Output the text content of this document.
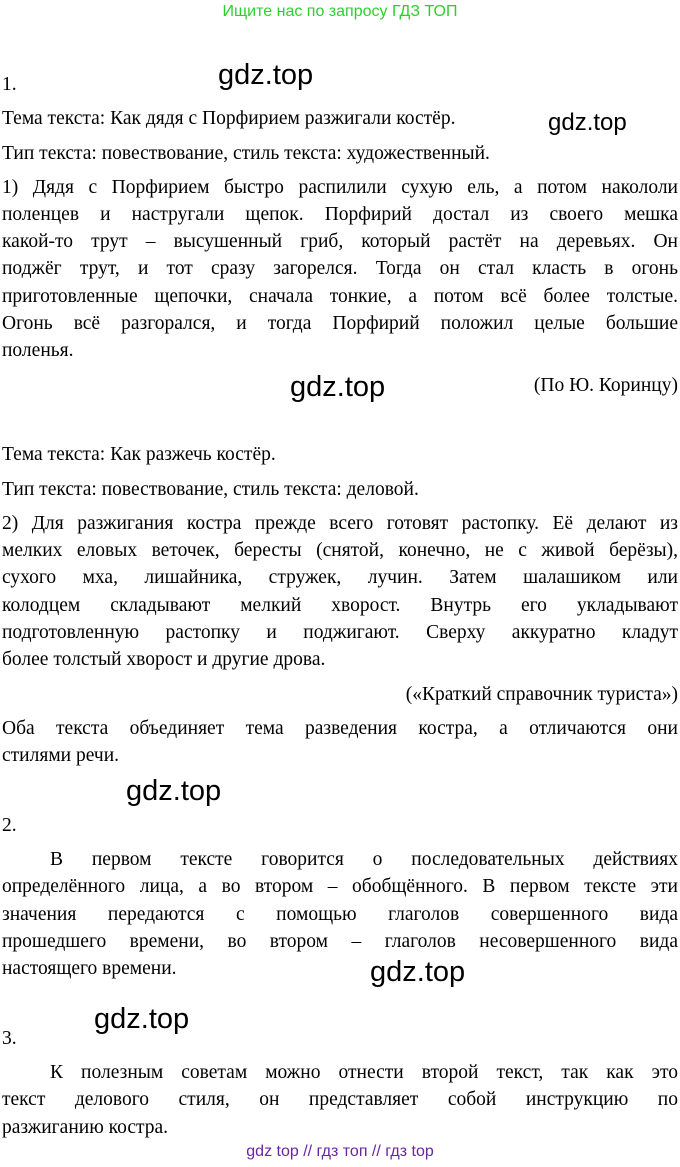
Ищите нас по запросу ГДЗ ТОП
gdz.top
gdz.top
gdz.top
gdz.top
gdz.top
gdz.top
1.
Тема текста: Как дядя с Порфирием разжигали костёр.
Тип текста: повествование, стиль текста: художественный.
1) Дядя с Порфирием быстро распилили сухую ель, а потом накололи
поленцев и настругали щепок. Порфирий достал из своего мешка
какой-то трут – высушенный гриб, который растёт на деревьях. Он
поджёг трут, и тот сразу загорелся. Тогда он стал класть в огонь
приготовленные щепочки, сначала тонкие, а потом всё более толстые.
Огонь всё разгорался, и тогда Порфирий положил целые большие
поленья.
(По Ю. Коринцу)
Тема текста: Как разжечь костёр.
Тип текста: повествование, стиль текста: деловой.
2) Для разжигания костра прежде всего готовят растопку. Её делают из
мелких еловых веточек, бересты (снятой, конечно, не с живой берёзы),
сухого мха, лишайника, стружек, лучин. Затем шалашиком или
колодцем складывают мелкий хворост. Внутрь его укладывают
подготовленную растопку и поджигают. Сверху аккуратно кладут
более толстый хворост и другие дрова.
(«Краткий справочник туриста»)
Оба текста объединяет тема разведения костра, а отличаются они
стилями речи.
2.
В первом тексте говорится о последовательных действиях
определённого лица, а во втором – обобщённого. В первом тексте эти
значения передаются с помощью глаголов совершенного вида
прошедшего времени, во втором – глаголов несовершенного вида
настоящего времени.
3.
К полезным советам можно отнести второй текст, так как это
текст делового стиля, он представляет собой инструкцию по
разжиганию костра.
gdz top // гдз топ // гдз top
